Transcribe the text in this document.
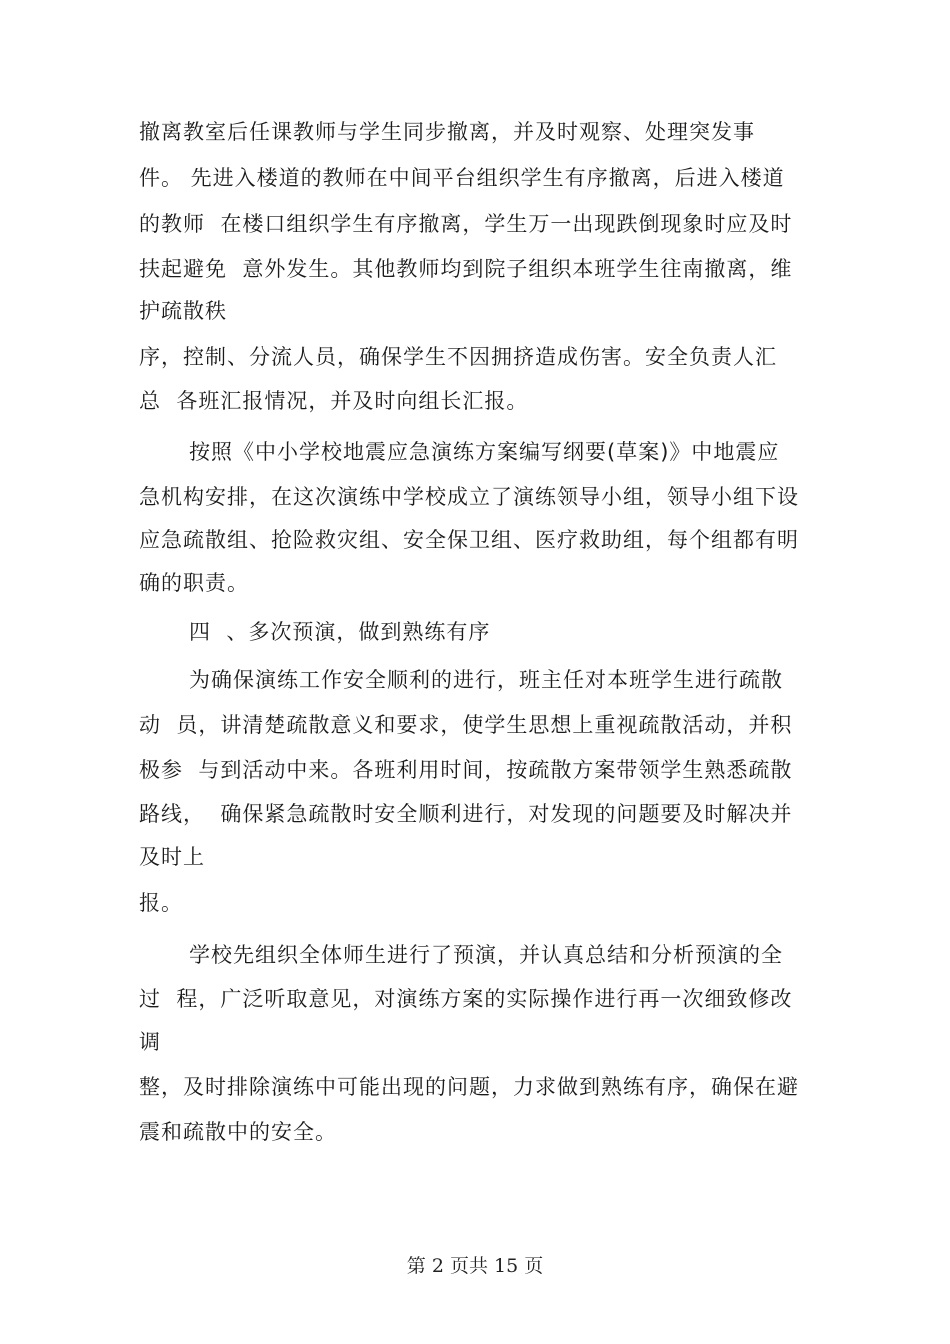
撤离教室后任课教师与学生同步撤离，并及时观察、处理突发事
件。 先进入楼道的教师在中间平台组织学生有序撤离，后进入楼道
的教师  在楼口组织学生有序撤离，学生万一出现跌倒现象时应及时
扶起避免  意外发生。其他教师均到院子组织本班学生往南撤离，维
护疏散秩
序，控制、分流人员，确保学生不因拥挤造成伤害。安全负责人汇
总  各班汇报情况，并及时向组长汇报。
按照《中小学校地震应急演练方案编写纲要(草案)》中地震应
急机构安排，在这次演练中学校成立了演练领导小组，领导小组下设
应急疏散组、抢险救灾组、安全保卫组、医疗救助组，每个组都有明
确的职责。
四  、多次预演，做到熟练有序
为确保演练工作安全顺利的进行，班主任对本班学生进行疏散
动  员，讲清楚疏散意义和要求，使学生思想上重视疏散活动，并积
极参  与到活动中来。各班利用时间，按疏散方案带领学生熟悉疏散
路线，  确保紧急疏散时安全顺利进行，对发现的问题要及时解决并
及时上
报。
学校先组织全体师生进行了预演，并认真总结和分析预演的全
过  程，广泛听取意见，对演练方案的实际操作进行再一次细致修改
调
整，及时排除演练中可能出现的问题，力求做到熟练有序，确保在避
震和疏散中的安全。
第 2 页共 15 页
